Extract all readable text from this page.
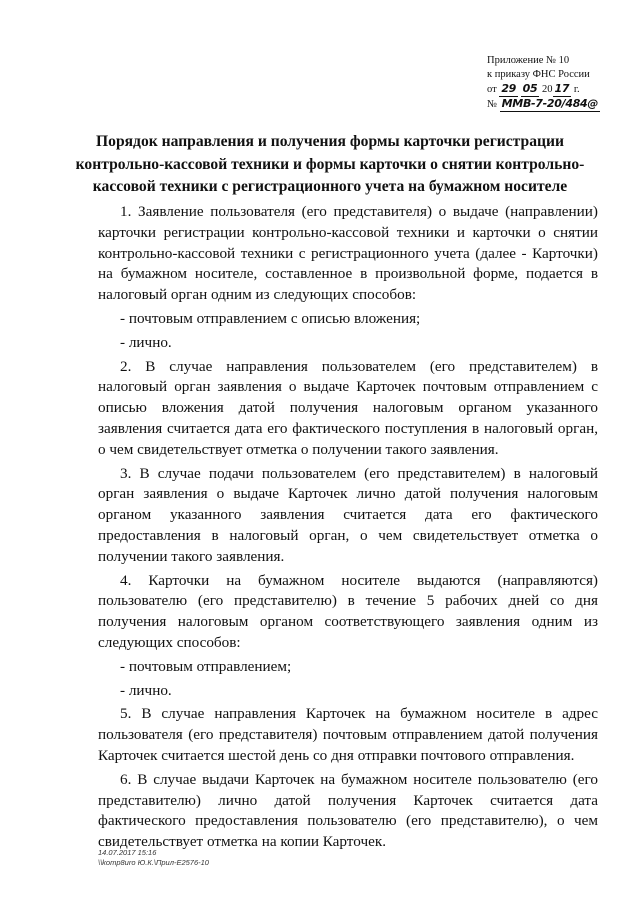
Приложение № 10
к приказу ФНС России
от 29 05 20 17 г.
№ ММВ-7-20/484@
Порядок направления и получения формы карточки регистрации
контрольно-кассовой техники и формы карточки о снятии контрольно-
кассовой техники с регистрационного учета на бумажном носителе

1. Заявление пользователя (его представителя) о выдаче (направлении) карточки регистрации контрольно-кассовой техники и карточки о снятии контрольно-кассовой техники с регистрационного учета (далее - Карточки) на бумажном носителе, составленное в произвольной форме, подается в налоговый орган одним из следующих способов:

- почтовым отправлением с описью вложения;

- лично.

2. В случае направления пользователем (его представителем) в налоговый орган заявления о выдаче Карточек почтовым отправлением с описью вложения датой получения налоговым органом указанного заявления считается дата его фактического поступления в налоговый орган, о чем свидетельствует отметка о получении такого заявления.

3. В случае подачи пользователем (его представителем) в налоговый орган заявления о выдаче Карточек лично датой получения налоговым органом указанного заявления считается дата его фактического предоставления в налоговый орган, о чем свидетельствует отметка о получении такого заявления.

4. Карточки на бумажном носителе выдаются (направляются) пользователю (его представителю) в течение 5 рабочих дней со дня получения налоговым органом соответствующего заявления одним из следующих способов:

- почтовым отправлением;

- лично.

5. В случае направления Карточек на бумажном носителе в адрес пользователя (его представителя) почтовым отправлением датой получения Карточек считается шестой день со дня отправки почтового отправления.

6. В случае выдачи Карточек на бумажном носителе пользователю (его представителю) лично датой получения Карточек считается дата фактического предоставления пользователю (его представителю), о чем свидетельствует отметка на копии Карточек.

14.07.2017 15:16
\\komp8uro Ю.К.\Прил-Е2576-10
